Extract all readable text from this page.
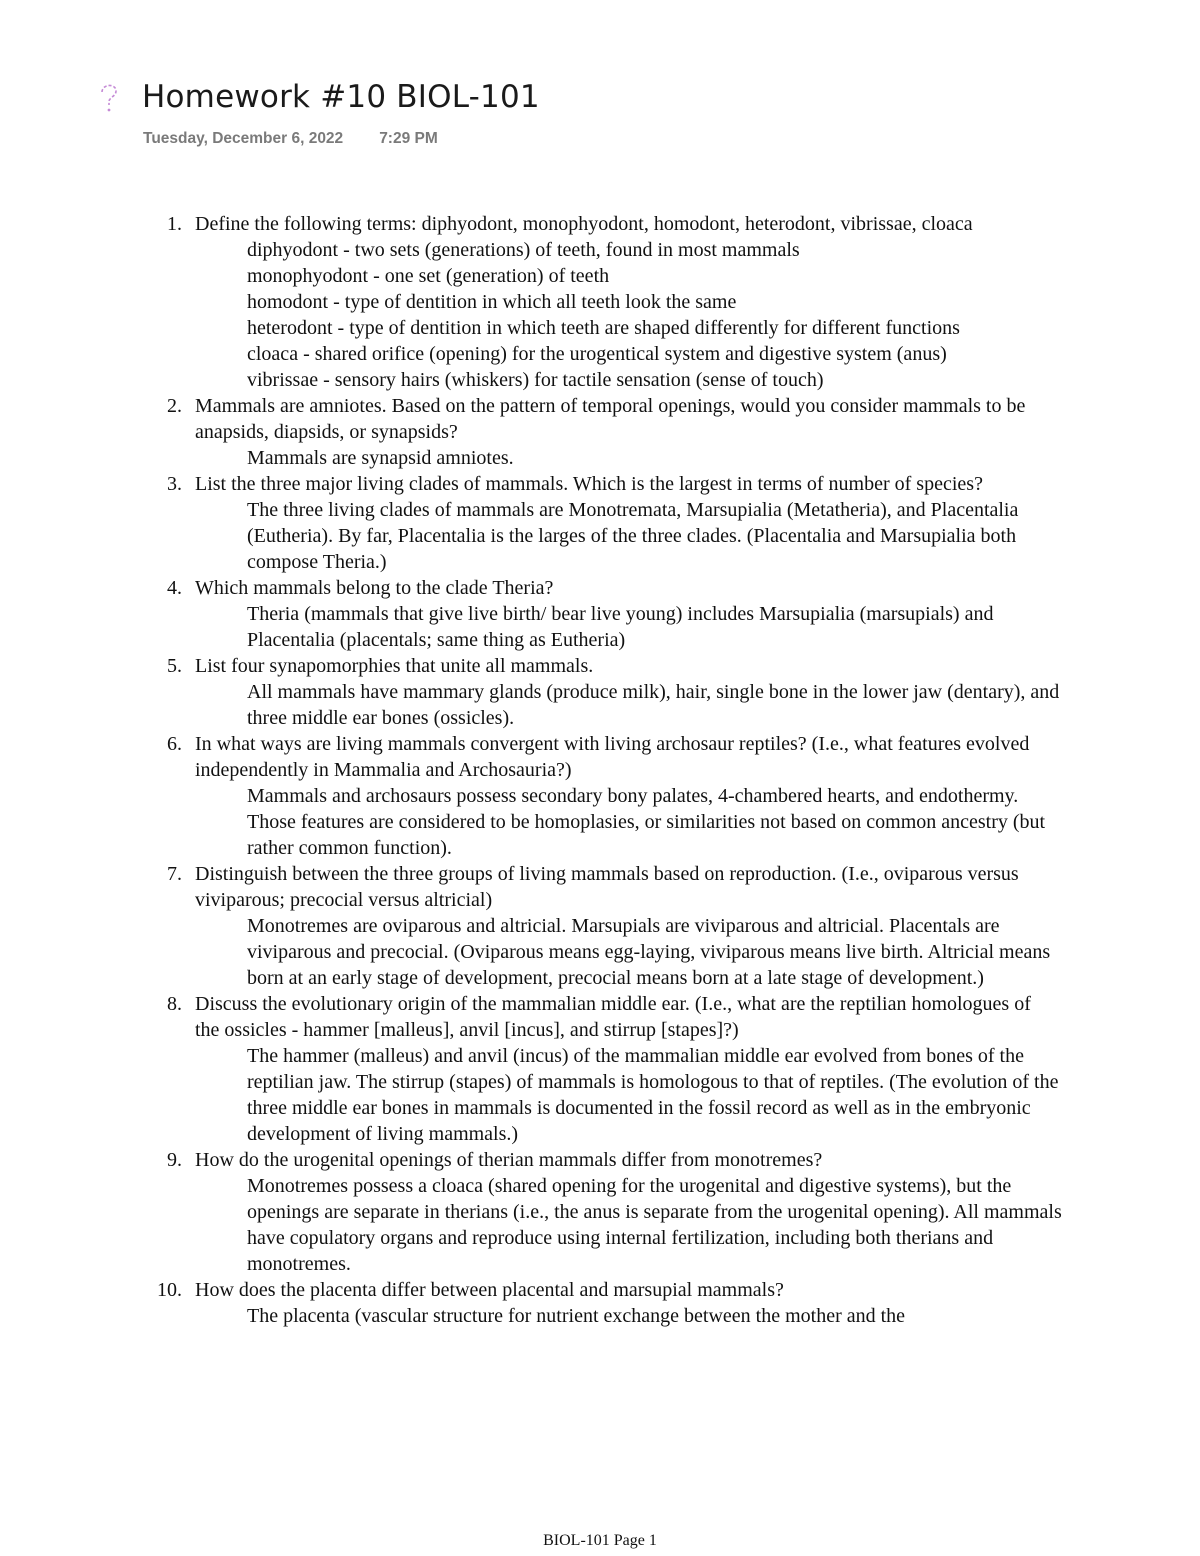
Homework #10 BIOL-101
Tuesday, December 6, 2022 7:29 PM
1. Define the following terms: diphyodont, monophyodont, homodont, heterodont, vibrissae, cloaca
diphyodont - two sets (generations) of teeth, found in most mammals
monophyodont - one set (generation) of teeth
homodont - type of dentition in which all teeth look the same
heterodont - type of dentition in which teeth are shaped differently for different functions
cloaca - shared orifice (opening) for the urogentical system and digestive system (anus)
vibrissae - sensory hairs (whiskers) for tactile sensation (sense of touch)
2. Mammals are amniotes. Based on the pattern of temporal openings, would you consider mammals to be anapsids, diapsids, or synapsids?
Mammals are synapsid amniotes.
3. List the three major living clades of mammals. Which is the largest in terms of number of species?
The three living clades of mammals are Monotremata, Marsupialia (Metatheria), and Placentalia (Eutheria). By far, Placentalia is the larges of the three clades. (Placentalia and Marsupialia both compose Theria.)
4. Which mammals belong to the clade Theria?
Theria (mammals that give live birth/ bear live young) includes Marsupialia (marsupials) and Placentalia (placentals; same thing as Eutheria)
5. List four synapomorphies that unite all mammals.
All mammals have mammary glands (produce milk), hair, single bone in the lower jaw (dentary), and three middle ear bones (ossicles).
6. In what ways are living mammals convergent with living archosaur reptiles? (I.e., what features evolved independently in Mammalia and Archosauria?)
Mammals and archosaurs possess secondary bony palates, 4-chambered hearts, and endothermy. Those features are considered to be homoplasies, or similarities not based on common ancestry (but rather common function).
7. Distinguish between the three groups of living mammals based on reproduction. (I.e., oviparous versus viviparous; precocial versus altricial)
Monotremes are oviparous and altricial. Marsupials are viviparous and altricial. Placentals are viviparous and precocial. (Oviparous means egg-laying, viviparous means live birth. Altricial means born at an early stage of development, precocial means born at a late stage of development.)
8. Discuss the evolutionary origin of the mammalian middle ear. (I.e., what are the reptilian homologues of the ossicles - hammer [malleus], anvil [incus], and stirrup [stapes]?)
The hammer (malleus) and anvil (incus) of the mammalian middle ear evolved from bones of the reptilian jaw. The stirrup (stapes) of mammals is homologous to that of reptiles. (The evolution of the three middle ear bones in mammals is documented in the fossil record as well as in the embryonic development of living mammals.)
9. How do the urogenital openings of therian mammals differ from monotremes?
Monotremes possess a cloaca (shared opening for the urogenital and digestive systems), but the openings are separate in therians (i.e., the anus is separate from the urogenital opening). All mammals have copulatory organs and reproduce using internal fertilization, including both therians and monotremes.
10. How does the placenta differ between placental and marsupial mammals?
The placenta (vascular structure for nutrient exchange between the mother and the
BIOL-101 Page 1
